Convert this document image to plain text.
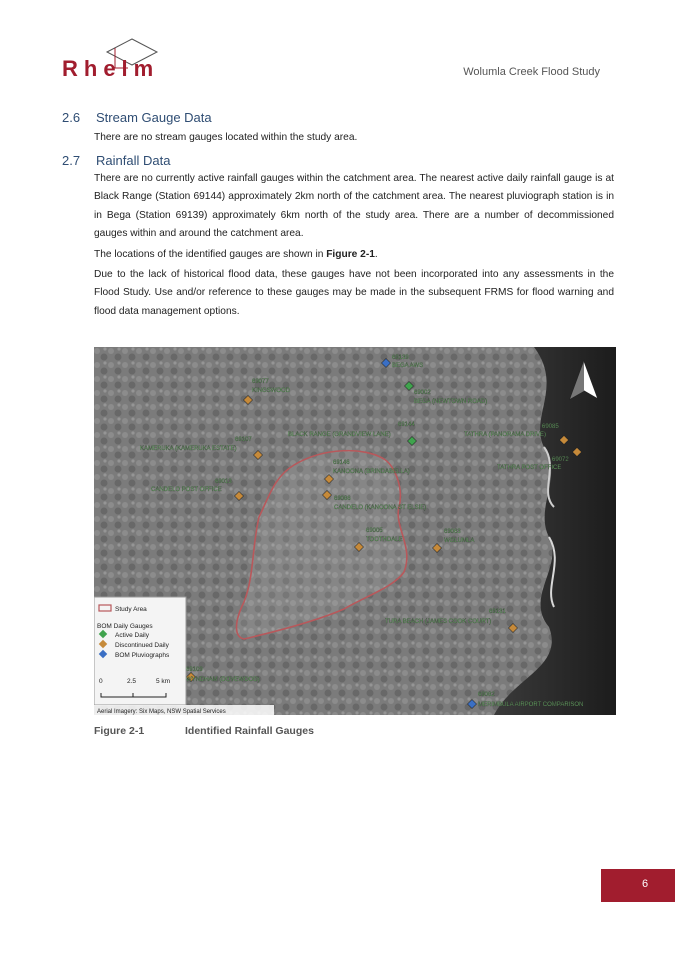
Rhelm	Wolumla Creek Flood Study
2.6 Stream Gauge Data

There are no stream gauges located within the study area.

2.7 Rainfall Data

There are no currently active rainfall gauges within the catchment area. The nearest active daily rainfall gauge is at Black Range (Station 69144) approximately 2km north of the catchment area. The nearest pluviograph station is in in Bega (Station 69139) approximately 6km north of the study area. There are a number of decommissioned gauges within and around the catchment area.

The locations of the identified gauges are shown in Figure 2-1.

Due to the lack of historical flood data, these gauges have not been incorporated into any assessments in the Flood Study. Use and/or reference to these gauges may be made in the subsequent FRMS for flood warning and flood data management options.

69139
BEGA AWS
69077
KINGSWOOD	69002
BEGA (NEWTOWN ROAD)
69144
BLACK RANGE (GRANDVIEW LANE)
69107
KAMERUKA (KAMERUKA ESTATE)
69085
TATHRA (PANORAMA DRIVE)
69072
TATHRA POST OFFICE
69146
KANOONA (BRINDABELLA)
69013
CANDELO POST OFFICE
69086
CANDELO (KANOONA ST ELSIE)
69005
TOOTHDALE
69063
WOLUMLA
69131
TURA BEACH (JAMES COOK COURT)
69109
WYNDHAM (DOVEWOOD)
69082
MERIMBULA AIRPORT COMPARISON
Study Area
BOM Daily Gauges
Active Daily
Discontinued Daily
BOM Pluviographs
0	2.5	5 km
Aerial Imagery: Six Maps, NSW Spatial Services
Figure 2-1	Identified Rainfall Gauges
6
